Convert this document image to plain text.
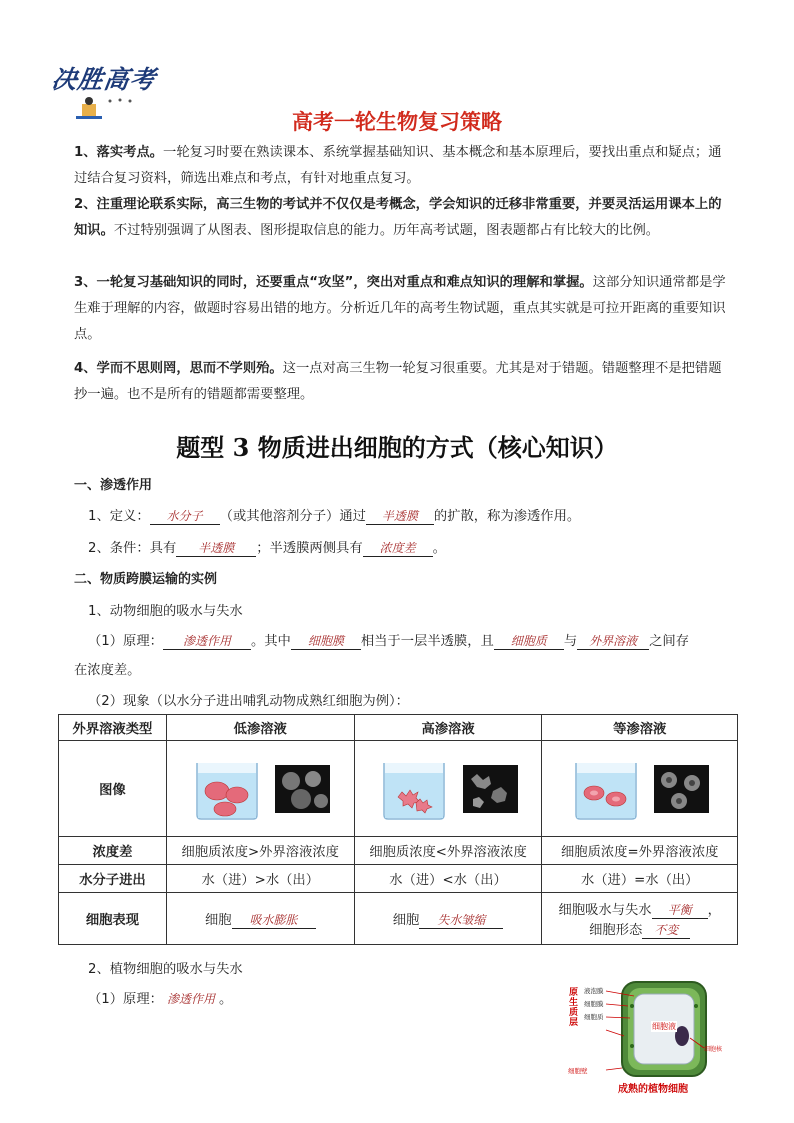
决胜高考
高考一轮生物复习策略
1、落实考点。一轮复习时要在熟读课本、系统掌握基础知识、基本概念和基本原理后，要找出重点和疑点；通过结合复习资料，筛选出难点和考点，有针对地重点复习。
2、注重理论联系实际，高三生物的考试并不仅仅是考概念，学会知识的迁移非常重要，并要灵活运用课本上的知识。不过特别强调了从图表、图形提取信息的能力。历年高考试题，图表题都占有比较大的比例。
3、一轮复习基础知识的同时，还要重点“攻坚”，突出对重点和难点知识的理解和掌握。这部分知识通常都是学生难于理解的内容，做题时容易出错的地方。分析近几年的高考生物试题，重点其实就是可拉开距离的重要知识点。
4、学而不思则罔，思而不学则殆。这一点对高三生物一轮复习很重要。尤其是对于错题。错题整理不是把错题抄一遍。也不是所有的错题都需要整理。
题型 3 物质进出细胞的方式（核心知识）
一、渗透作用
1、定义： 水分子 （或其他溶剂分子）通过 半透膜 的扩散，称为渗透作用。
2、条件：具有 半透膜 ；半透膜两侧具有 浓度差 。
二、物质跨膜运输的实例
1、动物细胞的吸水与失水
（1）原理： 渗透作用 。其中 细胞膜 相当于一层半透膜，且 细胞质 与 外界溶液 之间存
在浓度差。
（2）现象（以水分子进出哺乳动物成熟红细胞为例）：
外界溶液类型	低渗溶液	高渗溶液	等渗溶液
图像			
浓度差	细胞质浓度>外界溶液浓度	细胞质浓度<外界溶液浓度	细胞质浓度=外界溶液浓度
水分子进出	水（进）>水（出）	水（进）<水（出）	水（进）=水（出）
细胞表现	细胞 吸水膨胀	细胞 失水皱缩	细胞吸水与失水 平衡 ，
细胞形态 不变
2、植物细胞的吸水与失水
（1）原理： 渗透作用 。	原生质层
液泡膜
细胞膜
细胞质
细胞液
细胞核
细胞壁
成熟的植物细胞
